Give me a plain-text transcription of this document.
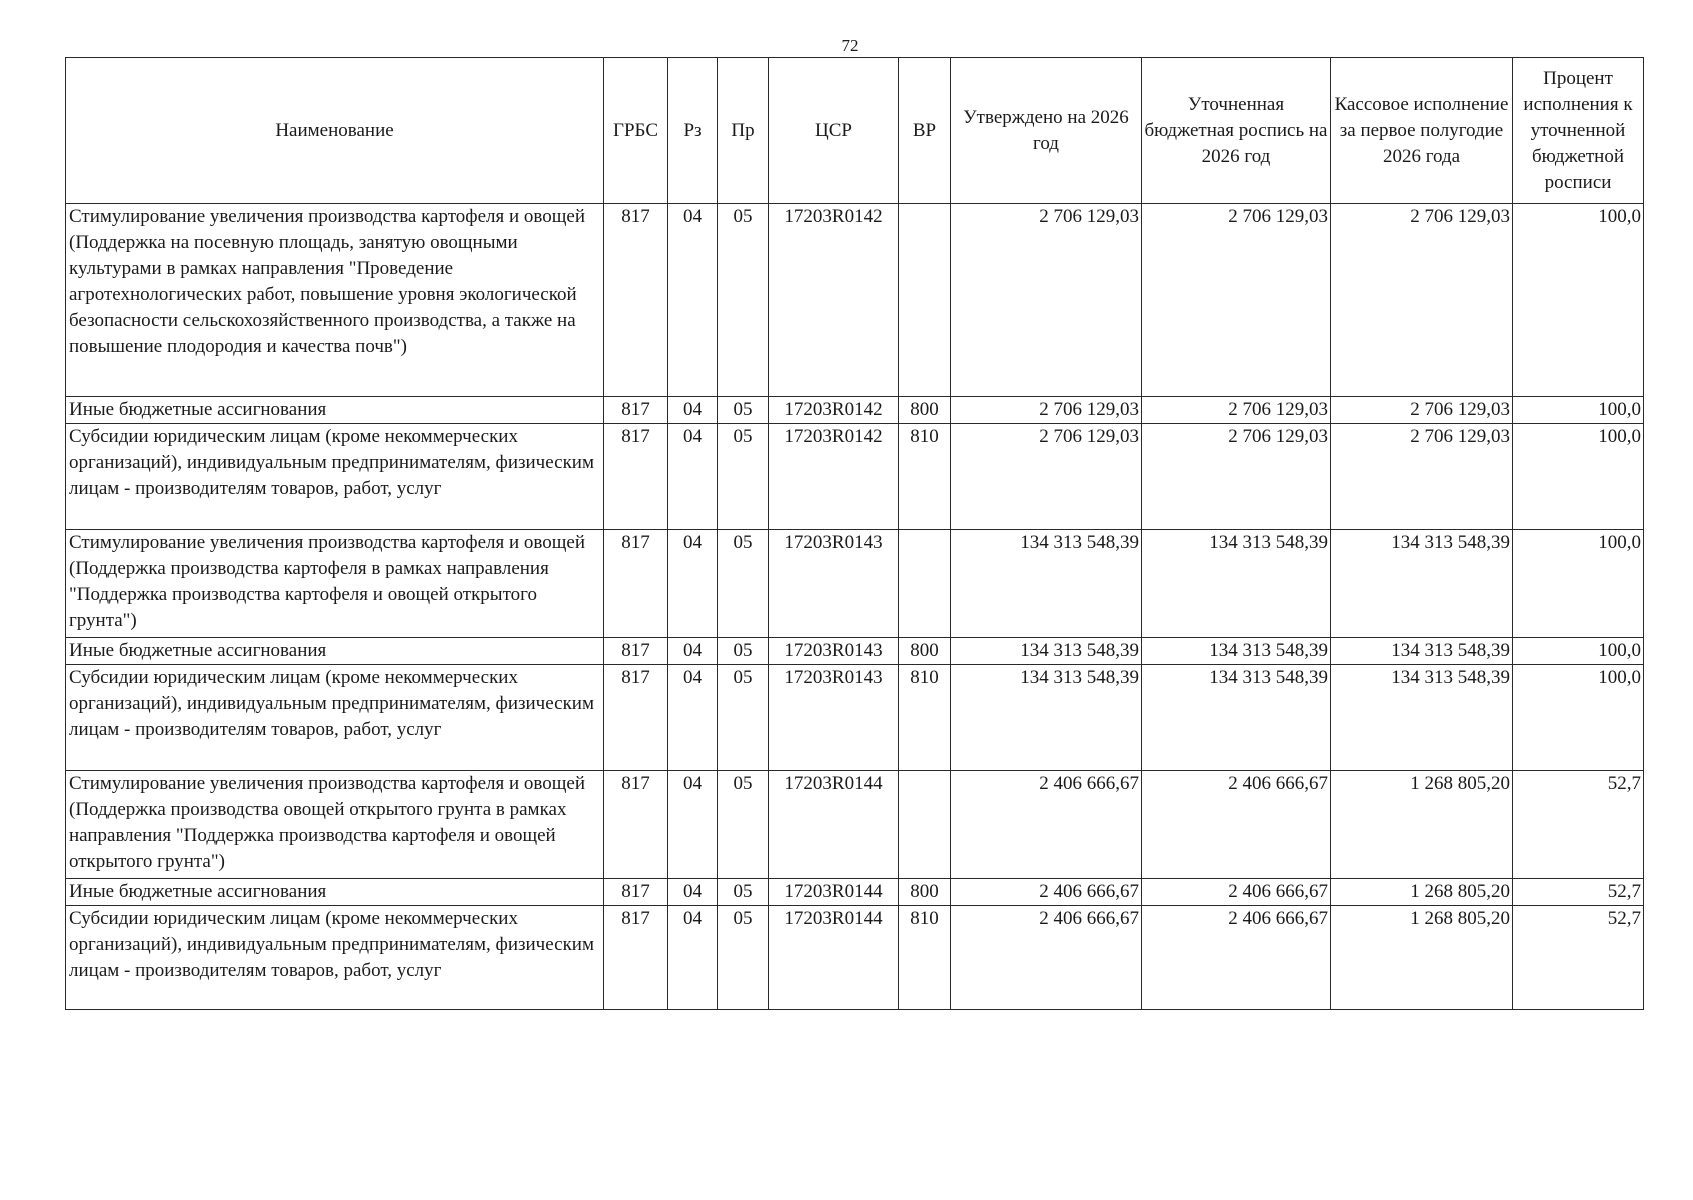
72
Наименование	ГРБС	Рз	Пр	ЦСР	ВР	Утверждено на 2026 год	Уточненная бюджетная роспись на 2026 год	Кассовое исполнение за первое полугодие 2026 года	Процент исполнения к уточненной бюджетной росписи
Стимулирование увеличения производства картофеля и овощей (Поддержка на посевную площадь, занятую овощными культурами в рамках направления "Проведение агротехнологических работ, повышение уровня экологической безопасности сельскохозяйственного производства, а также на повышение плодородия и качества почв")	817	04	05	17203R0142		2 706 129,03	2 706 129,03	2 706 129,03	100,0
Иные бюджетные ассигнования	817	04	05	17203R0142	800	2 706 129,03	2 706 129,03	2 706 129,03	100,0
Субсидии юридическим лицам (кроме некоммерческих организаций), индивидуальным предпринимателям, физическим лицам - производителям товаров, работ, услуг	817	04	05	17203R0142	810	2 706 129,03	2 706 129,03	2 706 129,03	100,0
Стимулирование увеличения производства картофеля и овощей (Поддержка производства картофеля в рамках направления "Поддержка производства картофеля и овощей открытого грунта")	817	04	05	17203R0143		134 313 548,39	134 313 548,39	134 313 548,39	100,0
Иные бюджетные ассигнования	817	04	05	17203R0143	800	134 313 548,39	134 313 548,39	134 313 548,39	100,0
Субсидии юридическим лицам (кроме некоммерческих организаций), индивидуальным предпринимателям, физическим лицам - производителям товаров, работ, услуг	817	04	05	17203R0143	810	134 313 548,39	134 313 548,39	134 313 548,39	100,0
Стимулирование увеличения производства картофеля и овощей (Поддержка производства овощей открытого грунта в рамках направления "Поддержка производства картофеля и овощей открытого грунта")	817	04	05	17203R0144		2 406 666,67	2 406 666,67	1 268 805,20	52,7
Иные бюджетные ассигнования	817	04	05	17203R0144	800	2 406 666,67	2 406 666,67	1 268 805,20	52,7
Субсидии юридическим лицам (кроме некоммерческих организаций), индивидуальным предпринимателям, физическим лицам - производителям товаров, работ, услуг	817	04	05	17203R0144	810	2 406 666,67	2 406 666,67	1 268 805,20	52,7
